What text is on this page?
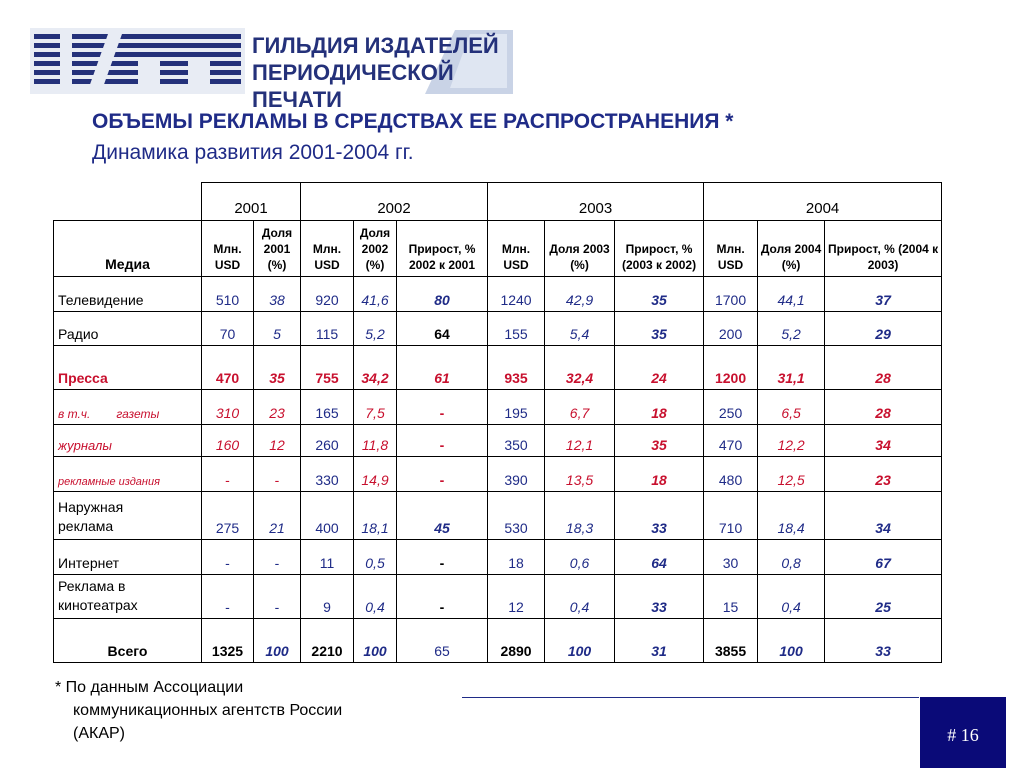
ГИЛЬДИЯ ИЗДАТЕЛЕЙ
ПЕРИОДИЧЕСКОЙ ПЕЧАТИ
ОБЪЕМЫ РЕКЛАМЫ В СРЕДСТВАХ ЕЕ РАСПРОСТРАНЕНИЯ *
Динамика развития 2001-2004 гг.
	2001		2002			2003			2004		
Медиа	Млн. USD	Доля 2001 (%)	Млн. USD	Доля 2002 (%)	Прирост, % 2002 к 2001	Млн. USD	Доля 2003 (%)	Прирост, % (2003 к 2002)	Млн. USD	Доля 2004 (%)	Прирост, % (2004 к 2003)
Телевидение	510	38	920	41,6	80	1240	42,9	35	1700	44,1	37
Радио	70	5	115	5,2	64	155	5,4	35	200	5,2	29
Пресса	470	35	755	34,2	61	935	32,4	24	1200	31,1	28
в т.ч. газеты	310	23	165	7,5	-	195	6,7	18	250	6,5	28
журналы	160	12	260	11,8	-	350	12,1	35	470	12,2	34
рекламные издания	-	-	330	14,9	-	390	13,5	18	480	12,5	23

Наружная
реклама	275	21	400	18,1	45	530	18,3	33	710	18,4	34
Интернет	-	-	11	0,5	-	18	0,6	64	30	0,8	67

Реклама в
кинотеатрах	-	-	9	0,4	-	12	0,4	33	15	0,4	25
Всего	1325	100	2210	100	65	2890	100	31	3855	100	33
* По данным Ассоциации
коммуникационных агентств России
(АКАР)	# 16
